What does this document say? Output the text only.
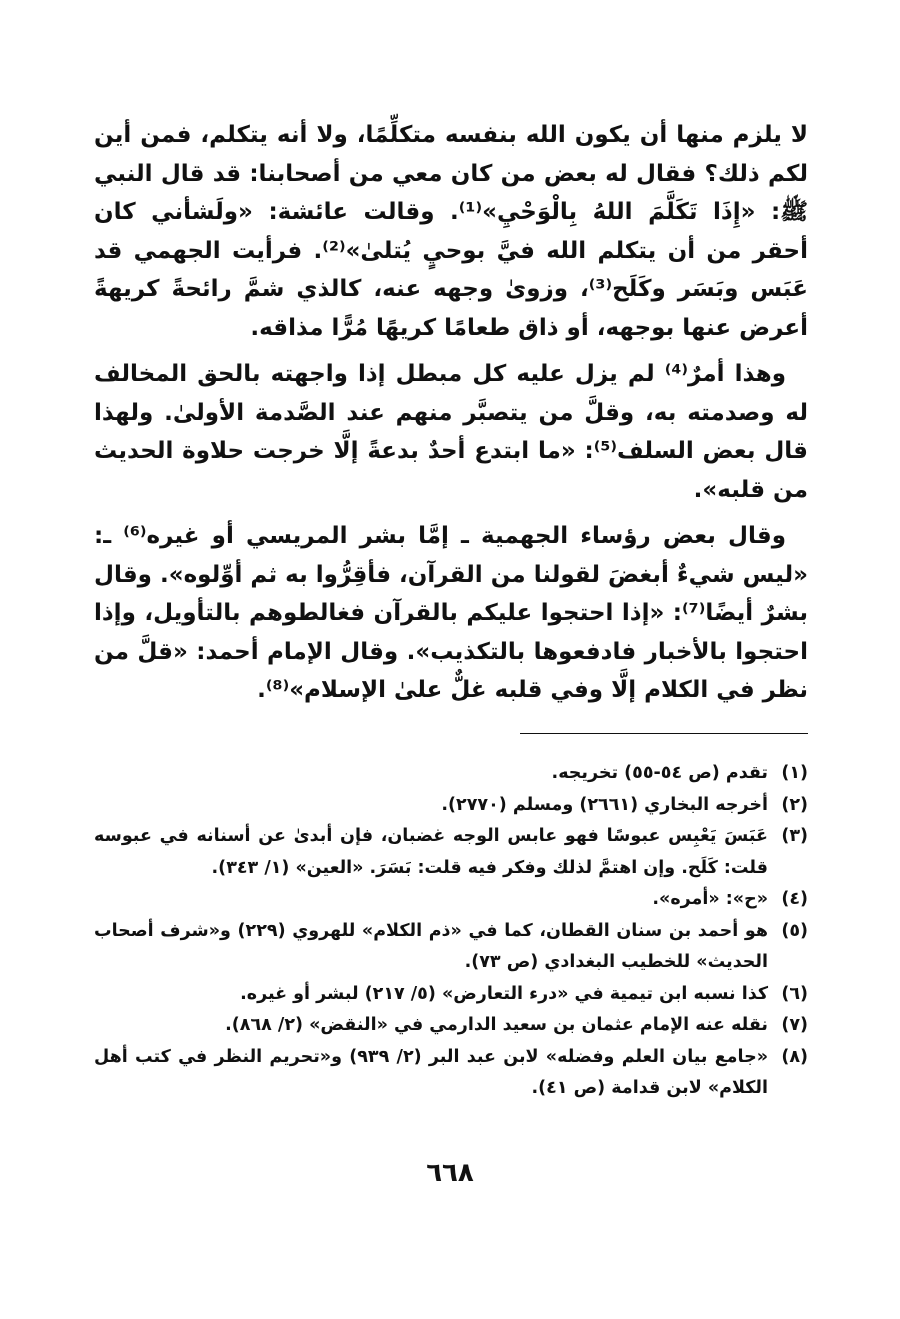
لا يلزم منها أن يكون الله بنفسه متكلِّمًا، ولا أنه يتكلم، فمن أين لكم ذلك؟ فقال له بعض من كان معي من أصحابنا: قد قال النبي ﷺ: «إِذَا تَكَلَّمَ اللهُ بِالْوَحْيِ»⁽¹⁾. وقالت عائشة: «ولَشأني كان أحقر من أن يتكلم الله فيَّ بوحيٍ يُتلىٰ»⁽²⁾. فرأيت الجهمي قد عَبَس وبَسَر وكَلَح⁽³⁾، وزوىٰ وجهه عنه، كالذي شمَّ رائحةً كريهةً أعرض عنها بوجهه، أو ذاق طعامًا كريهًا مُرًّا مذاقه.

وهذا أمرٌ⁽⁴⁾ لم يزل عليه كل مبطل إذا واجهته بالحق المخالف له وصدمته به، وقلَّ من يتصبَّر منهم عند الصَّدمة الأولىٰ. ولهذا قال بعض السلف⁽⁵⁾: «ما ابتدع أحدٌ بدعةً إلَّا خرجت حلاوة الحديث من قلبه».

وقال بعض رؤساء الجهمية ـ إمَّا بشر المريسي أو غيره⁽⁶⁾ ـ: «ليس شيءٌ أبغضَ لقولنا من القرآن، فأقِرُّوا به ثم أوِّلوه». وقال بشرٌ أيضًا⁽⁷⁾: «إذا احتجوا عليكم بالقرآن فغالطوهم بالتأويل، وإذا احتجوا بالأخبار فادفعوها بالتكذيب». وقال الإمام أحمد: «قلَّ من نظر في الكلام إلَّا وفي قلبه غلٌّ علىٰ الإسلام»⁽⁸⁾.

(١)
تقدم (ص ٥٤-٥٥) تخريجه.
(٢)
أخرجه البخاري (٢٦٦١) ومسلم (٢٧٧٠).
(٣)
عَبَسَ يَعْبِس عبوسًا فهو عابس الوجه غضبان، فإن أبدىٰ عن أسنانه في عبوسه قلت: كَلَح. وإن اهتمَّ لذلك وفكر فيه قلت: بَسَرَ. «العين» (١/ ٣٤٣).
(٤)
«ح»: «أمره».
(٥)
هو أحمد بن سنان القطان، كما في «ذم الكلام» للهروي (٢٢٩) و«شرف أصحاب الحديث» للخطيب البغدادي (ص ٧٣).
(٦)
كذا نسبه ابن تيمية في «درء التعارض» (٥/ ٢١٧) لبشر أو غيره.
(٧)
نقله عنه الإمام عثمان بن سعيد الدارمي في «النقض» (٢/ ٨٦٨).
(٨)
«جامع بيان العلم وفضله» لابن عبد البر (٢/ ٩٣٩) و«تحريم النظر في كتب أهل الكلام» لابن قدامة (ص ٤١).
٦٦٨
